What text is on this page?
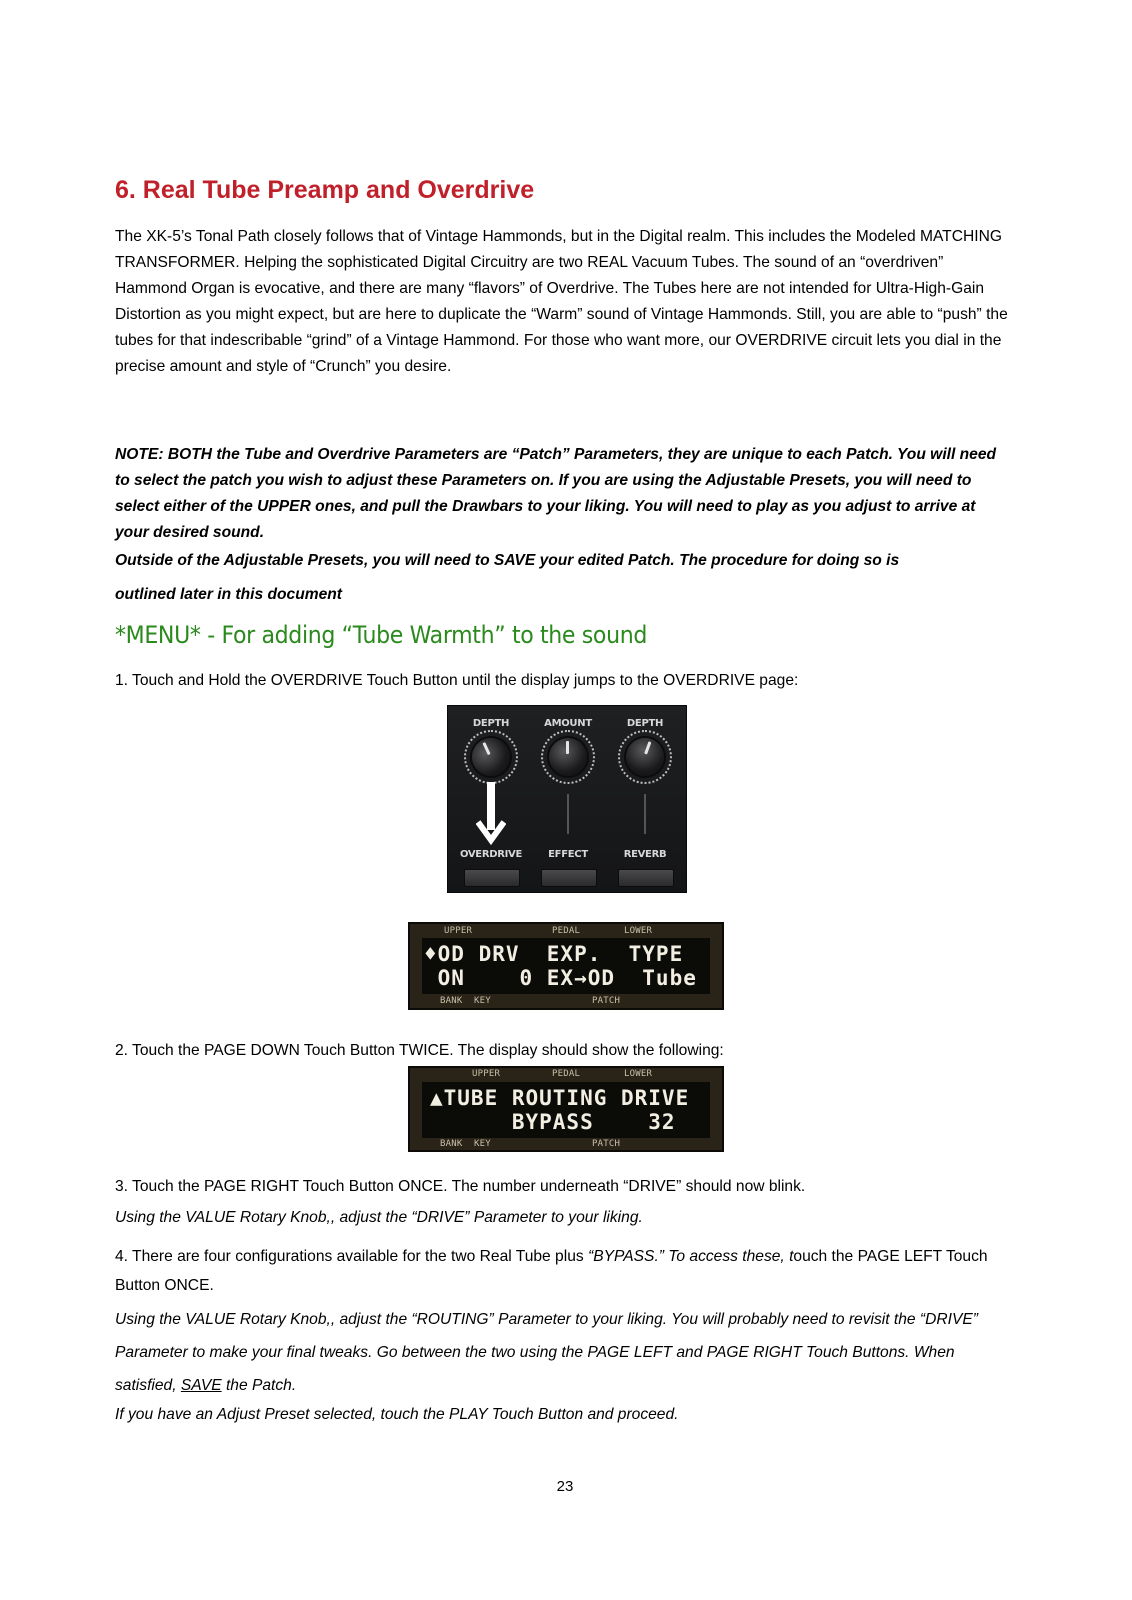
6. Real Tube Preamp and Overdrive

The XK-5’s Tonal Path closely follows that of Vintage Hammonds, but in the Digital realm. This includes the Modeled MATCHING TRANSFORMER. Helping the sophisticated Digital Circuitry are two REAL Vacuum Tubes. The sound of an “overdriven” Hammond Organ is evocative, and there are many “flavors” of Overdrive. The Tubes here are not intended for Ultra-High-Gain Distortion as you might expect, but are here to duplicate the “Warm” sound of Vintage Hammonds. Still, you are able to “push” the tubes for that indescribable “grind” of a Vintage Hammond. For those who want more, our OVERDRIVE circuit lets you dial in the precise amount and style of “Crunch” you desire.

NOTE: BOTH the Tube and Overdrive Parameters are “Patch” Parameters, they are unique to each Patch. You will need to select the patch you wish to adjust these Parameters on. If you are using the Adjustable Presets, you will need to select either of the UPPER ones, and pull the Drawbars to your liking. You will need to play as you adjust to arrive at your desired sound.

Outside of the Adjustable Presets, you will need to SAVE your edited Patch. The procedure for doing so is

outlined later in this document

*MENU* - For adding “Tube Warmth” to the sound

1. Touch and Hold the OVERDRIVE Touch Button until the display jumps to the OVERDRIVE page:

2. Touch the PAGE DOWN Touch Button TWICE. The display should show the following:

3. Touch the PAGE RIGHT Touch Button ONCE. The number underneath “DRIVE” should now blink.

Using the VALUE Rotary Knob,, adjust the “DRIVE” Parameter to your liking.

4. There are four configurations available for the two Real Tube plus “BYPASS.” To access these, touch the PAGE LEFT Touch Button ONCE.

Using the VALUE Rotary Knob,, adjust the “ROUTING” Parameter to your liking. You will probably need to revisit the “DRIVE” Parameter to make your final tweaks. Go between the two using the PAGE LEFT and PAGE RIGHT Touch Buttons. When satisfied, SAVE the Patch.

If you have an Adjust Preset selected, touch the PLAY Touch Button and proceed.

23
DEPTH
OVERDRIVE
AMOUNT
EFFECT
DEPTH
REVERB
UPPER	PEDAL	LOWER
♦OD DRV  EXP.  TYPE
ON    0 EX→OD  Tube
BANK KEY	PATCH
UPPER	PEDAL	LOWER
▲TUBE ROUTING DRIVE
BYPASS    32
BANK KEY	PATCH
